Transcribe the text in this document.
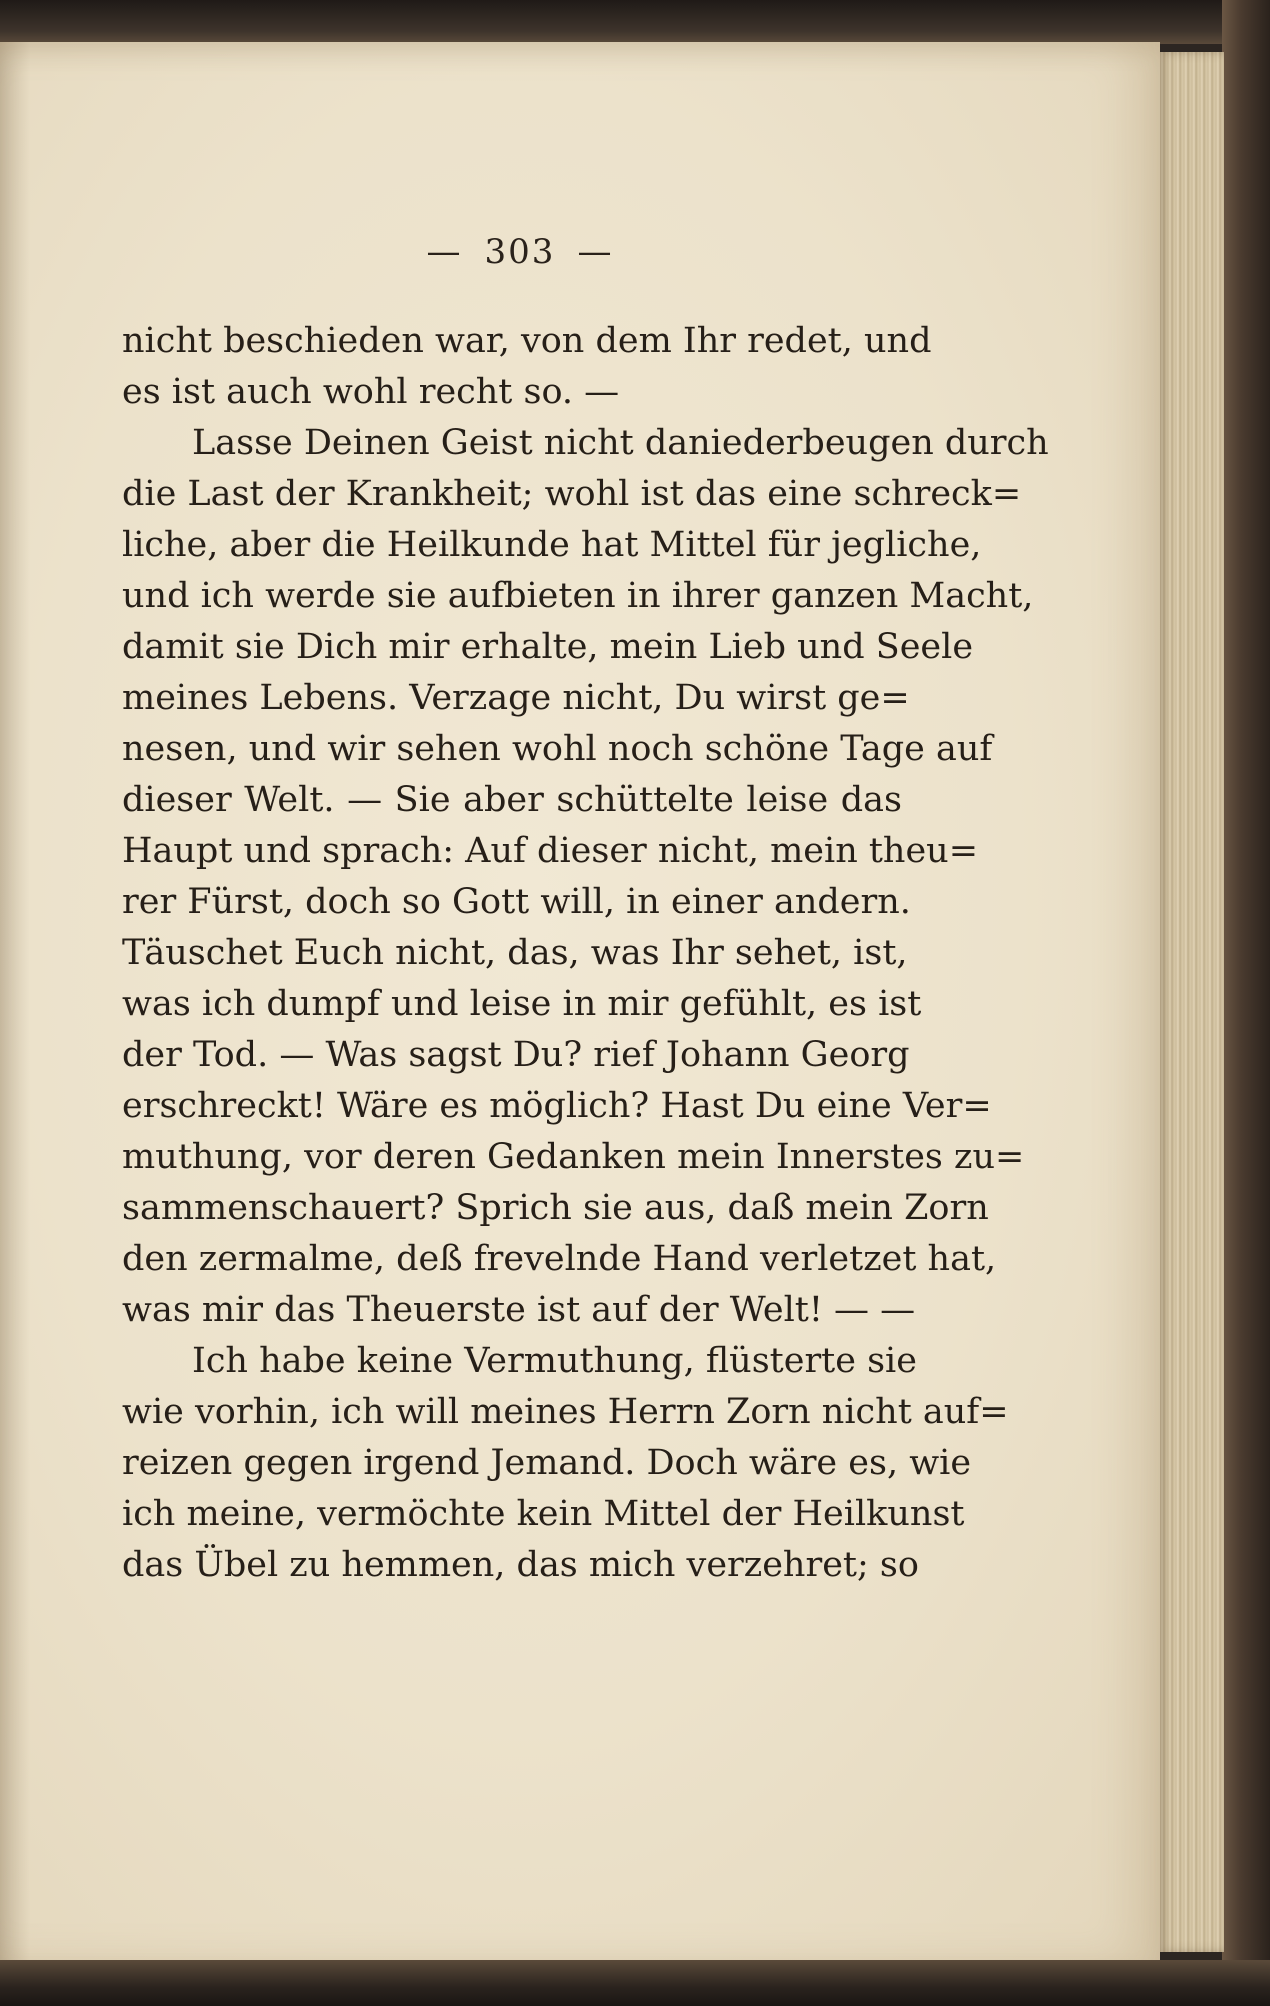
— 303 —
nicht beschieden war, von dem Ihr redet, und
es ist auch wohl recht so. —
Lasse Deinen Geist nicht daniederbeugen durch
die Last der Krankheit; wohl ist das eine schreck=
liche, aber die Heilkunde hat Mittel für jegliche,
und ich werde sie aufbieten in ihrer ganzen Macht,
damit sie Dich mir erhalte, mein Lieb und Seele
meines Lebens. Verzage nicht, Du wirst ge=
nesen, und wir sehen wohl noch schöne Tage auf
dieser Welt. — Sie aber schüttelte leise das
Haupt und sprach: Auf dieser nicht, mein theu=
rer Fürst, doch so Gott will, in einer andern.
Täuschet Euch nicht, das, was Ihr sehet, ist,
was ich dumpf und leise in mir gefühlt, es ist
der Tod. — Was sagst Du? rief Johann Georg
erschreckt! Wäre es möglich? Hast Du eine Ver=
muthung, vor deren Gedanken mein Innerstes zu=
sammenschauert? Sprich sie aus, daß mein Zorn
den zermalme, deß frevelnde Hand verletzet hat,
was mir das Theuerste ist auf der Welt! — —
Ich habe keine Vermuthung, flüsterte sie
wie vorhin, ich will meines Herrn Zorn nicht auf=
reizen gegen irgend Jemand. Doch wäre es, wie
ich meine, vermöchte kein Mittel der Heilkunst
das Übel zu hemmen, das mich verzehret; so
